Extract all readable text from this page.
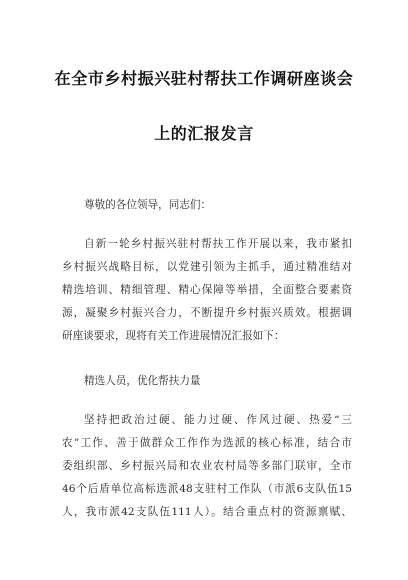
在全市乡村振兴驻村帮扶工作调研座谈会
上的汇报发言
尊敬的各位领导，同志们：
自新一轮乡村振兴驻村帮扶工作开展以来，我市紧扣
乡村振兴战略目标，以党建引领为主抓手，通过精准结对
精选培训、精细管理、精心保障等举措，全面整合要素资
源，凝聚乡村振兴合力，不断提升乡村振兴质效。根据调
研座谈要求，现将有关工作进展情况汇报如下：
精选人员，优化帮扶力量
坚持把政治过硬、能力过硬、作风过硬、热爱“三
农”工作、善于做群众工作作为选派的核心标准，结合市
委组织部、乡村振兴局和农业农村局等多部门联审，全市
46个后盾单位高标选派48支驻村工作队（市派6支队伍15
人，我市派42支队伍111人）。结合重点村的资源禀赋、
